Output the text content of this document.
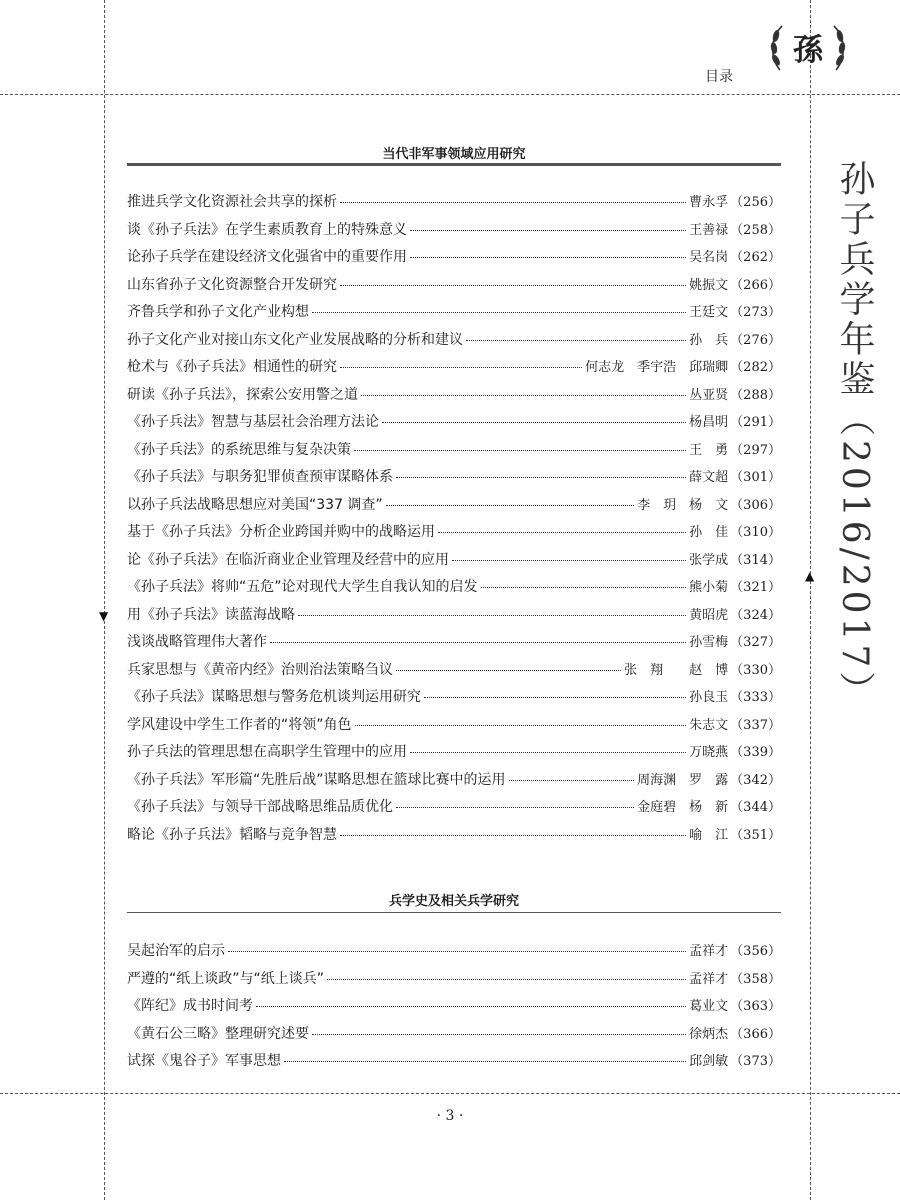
▼
▲
目录
孫
孙子兵学年鉴（2016/2017）
当代非军事领域应用研究
推进兵学文化资源社会共享的探析	曹永孚 （256）
谈《孙子兵法》在学生素质教育上的特殊意义	王善禄 （258）
论孙子兵学在建设经济文化强省中的重要作用	吴名岗 （262）
山东省孙子文化资源整合开发研究	姚振文 （266）
齐鲁兵学和孙子文化产业构想	王廷文 （273）
孙子文化产业对接山东文化产业发展战略的分析和建议	孙　兵 （276）
枪术与《孙子兵法》相通性的研究	何志龙　季宇浩　邱瑞卿 （282）
研读《孙子兵法》，探索公安用警之道	丛亚贤 （288）
《孙子兵法》智慧与基层社会治理方法论	杨昌明 （291）
《孙子兵法》的系统思维与复杂决策	王　勇 （297）
《孙子兵法》与职务犯罪侦查预审谋略体系	薛文超 （301）
以孙子兵法战略思想应对美国“337 调查”	李　玥　杨　文 （306）
基于《孙子兵法》分析企业跨国并购中的战略运用	孙　佳 （310）
论《孙子兵法》在临沂商业企业管理及经营中的应用	张学成 （314）
《孙子兵法》将帅“五危”论对现代大学生自我认知的启发	熊小菊 （321）
用《孙子兵法》读蓝海战略	黄昭虎 （324）
浅谈战略管理伟大著作	孙雪梅 （327）
兵家思想与《黄帝内经》治则治法策略刍议	张　翔　　赵　博 （330）
《孙子兵法》谋略思想与警务危机谈判运用研究	孙良玉 （333）
学风建设中学生工作者的“将领”角色	朱志文 （337）
孙子兵法的管理思想在高职学生管理中的应用	万晓燕 （339）
《孙子兵法》军形篇“先胜后战”谋略思想在篮球比赛中的运用	周海渊　罗　露 （342）
《孙子兵法》与领导干部战略思维品质优化	金庭碧　杨　新 （344）
略论《孙子兵法》韬略与竞争智慧	喻　江 （351）
兵学史及相关兵学研究
吴起治军的启示	孟祥才 （356）
严遵的“纸上谈政”与“纸上谈兵”	孟祥才 （358）
《阵纪》成书时间考	葛业文 （363）
《黄石公三略》整理研究述要	徐炳杰 （366）
试探《鬼谷子》军事思想	邱剑敏 （373）
· 3 ·
